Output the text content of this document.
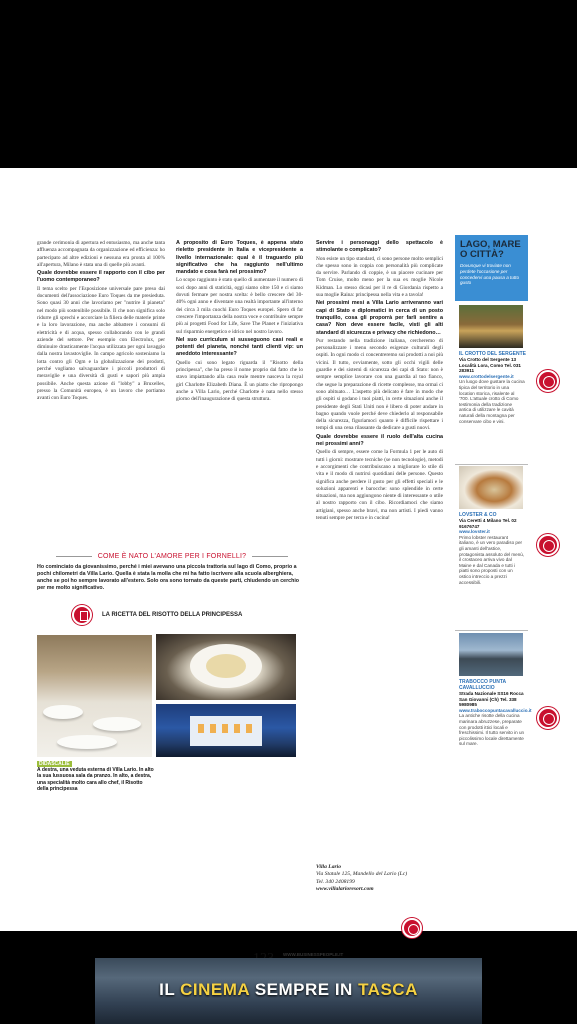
grande cerimonia di apertura ed entusiasmo, ma anche tanta affluenza accompagnata da organizzazione ed efficienza: ho partecipato ad altre edizioni e nessuna era pronta al 100% all'apertura, Milano è stata una di quelle più avanti.

Quale dovrebbe essere il rapporto con il cibo per l'uomo contemporaneo?

Il tema scelto per l'Esposizione universale pare preso dai documenti dell'associazione Euro Toques da me presieduta. Sono quasi 30 anni che lavoriamo per "nutrire il pianeta" nel modo più sostenibile possibile. Il che non significa solo ridurre gli sprechi e accorciare la filiera delle materie prime e la loro lavorazione, ma anche abbattere i consumi di elettricità e di acqua, spesso collaborando con le grandi aziende del settore. Per esempio con Electrolux, per diminuire drasticamente l'acqua utilizzata per ogni lavaggio dalla nostra lavastoviglie. In campo agricolo sosteniamo la lotta contro gli Ogm e la globalizzazione dei prodotti, perché vogliamo salvaguardare i piccoli produttori di meraviglie e una diversità di gusti e sapori più ampia possibile. Anche questa azione di "lobby" a Bruxelles, presso la Comunità europea, è un lavoro che portiamo avanti con Euro Toques.

A proposito di Euro Toques, è appena stato rieletto presidente in Italia e vicepresidente a livello internazionale: qual è il traguardo più significativo che ha raggiunto nell'ultimo mandato e cosa farà nel prossimo?

Lo scopo raggiunto è stato quello di aumentare il numero di soci dopo anni di staticità, oggi siamo oltre 150 e ci siamo dovuti fermare per nostra scelta: è bello crescere del 30-40% ogni anno e diventare una realtà importante all'interno dei circa 3 mila cuochi Euro Toques europei. Spero di far crescere l'importanza della nostra voce e contribuire sempre più ai progetti Food for Life, Save The Planet e l'iniziativa sul risparmio energetico e idrico nel nostro lavoro.

Nel suo curriculum si susseguono casi reali e potenti del pianeta, nonché tanti clienti vip: un aneddoto interessante?

Quello cui sono legato riguarda il "Risotto della principessa", che ha preso il nome proprio dal fatto che lo stavo impiattando alla casa reale mentre nasceva la royal girl Charlotte Elizabeth Diana. È un piatto che ripropongo anche a Villa Lario, perché Charlotte è nata nello stesso giorno dell'inaugurazione di questa struttura.

Servire i personaggi dello spettacolo è stimolante o complicato?

Non esiste un tipo standard, ci sono persone molto semplici che spesso sono in coppia con personalità più complicate da servire. Parlando di coppie, è un piacere cucinare per Tom Cruise, molto meno per la sua ex moglie Nicole Kidman. Lo stesso dicasi per il re di Giordania rispetto a sua moglie Raina: principessa nella vita e a tavola!

Nei prossimi mesi a Villa Lario arriveranno vari capi di Stato e diplomatici in cerca di un posto tranquillo, cosa gli proporrà per farli sentire a casa? Non deve essere facile, visti gli alti standard di sicurezza e privacy che richiedono…

Pur restando nella tradizione italiana, cercheremo di personalizzare i menu secondo esigenze culturali degli ospiti. In ogni modo ci concentreremo sui prodotti a noi più vicini. Il tutto, ovviamente, sotto gli occhi vigili delle guardie e dei sistemi di sicurezza dei capi di Stato: non è sempre semplice lavorare con una guardia al tuo fianco, che segue la preparazione di ricette complesse, ma ormai ci sono abituato… L'aspetto più delicato è fare in modo che gli ospiti si godano i tuoi piatti, in certe situazioni anche il presidente degli Stati Uniti non è libero di poter andare in bagno quando vuole perché deve chiederlo al responsabile della sicurezza, figuriamoci quanto è difficile rispettare i tempi di una cena rilassante da dedicare a gusti nuovi.

Quale dovrebbe essere il ruolo dell'alta cucina nei prossimi anni?

Quello di sempre, essere come la Formula 1 per le auto di tutti i giorni: mostrare tecniche (se non tecnologie), metodi e accorgimenti che contribuiscano a migliorare lo stile di vita e il modo di nutrirsi quotidiani delle persone. Questo significa anche perdere il gusto per gli effetti speciali e le soluzioni apparenti e barocche: sono splendide in certe situazioni, ma non aggiungono niente di interessante o utile al nostro rapporto con il cibo. Ricordiamoci che siamo artigiani, spesso anche bravi, ma non artisti. I piedi vanno tenuti sempre per terra e in cucina!

COME È NATO L'AMORE PER I FORNELLI?
Ho cominciato da giovanissimo, perché i miei avevano una piccola trattoria sul lago di Como, proprio a pochi chilometri da Villa Lario. Quella è stata la molla che mi ha fatto iscrivere alla scuola alberghiera, anche se poi ho sempre lavorato all'estero. Solo ora sono tornato da queste parti, chiudendo un cerchio per me molto significativo.
LA RICETTA DEL RISOTTO DELLA PRINCIPESSA
DIDASCALIE
A destra, una veduta esterna di Villa Lario. In alto la sua lussuosa sala da pranzo. In alto, a destra, una specialità molto cara allo chef, il Risotto della principessa
Villa Lario
Via Statale 125, Mandello del Lario (Lc)
Tel. 340 2408199
www.villalarioresort.com
WWW.BUSINESSPEOPLE.IT
LAGO, MARE O CITTÀ?
Dovunque vi troviate non perdete l'occasione per concedervi una pausa a tutto gusto
IL CROTTO DEL SERGENTE
Via Crotto del Sergente 13 Località Lora, Como Tel. 031 283911
www.crottodelsergente.it
Un luogo dove gustare la cucina tipica del territorio in una location storica, risalente al '700. L'attuale crotto di Como testimonia della tradizione antica di utilizzare le cavità naturali della montagna per conservare cibo e vini.
LOVSTER & CO
Via Ceretti 4 Milano Tel. 02 91676747
www.lovster.it
Primo lobster restaurant italiano, è un vero paradiso per gli amanti dell'astice, protagonista assoluto del menù, il crostaceo arriva vivo dal Maine e dal Canada e tutti i piatti sono proposti con un ostico intreccio a prezzi accessibili.
TRABOCCO PUNTA CAVALLUCCIO
Strada Nazionale SS16 Rocca San Giovanni (Ch) Tel. 338 5980985
www.traboccopuntacavalluccio.it
La antiche risotte della cucina marinara abruzzese, preparate con prodotti ittici locali e freschissimi. Il tutto servito in un piccolissimo locale direttamente sul mare.
IL CINEMA SEMPRE IN TASCA
